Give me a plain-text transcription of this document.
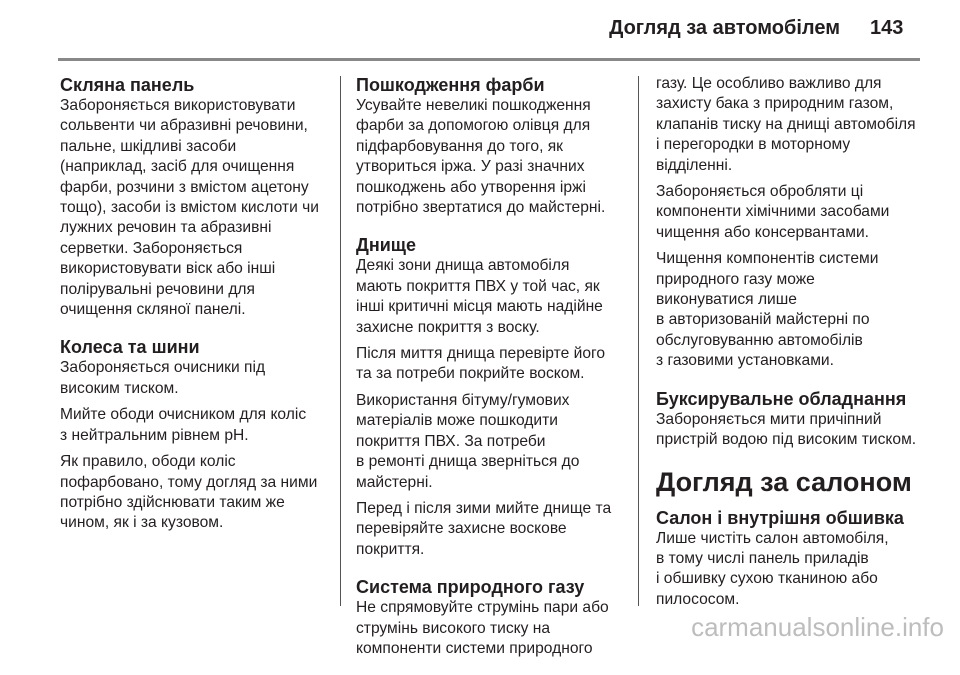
Догляд за автомобілем 143
Скляна панель

Забороняється використовувати
сольвенти чи абразивні речовини,
пальне, шкідливі засоби
(наприклад, засіб для очищення
фарби, розчини з вмістом ацетону
тощо), засоби із вмістом кислоти чи
лужних речовин та абразивні
серветки. Забороняється
використовувати віск або інші
полірувальні речовини для
очищення скляної панелі.

Колеса та шини

Забороняється очисники під
високим тиском.

Мийте ободи очисником для коліс
з нейтральним рівнем pH.

Як правило, ободи коліс
пофарбовано, тому догляд за ними
потрібно здійснювати таким же
чином, як і за кузовом.

Пошкодження фарби

Усувайте невеликі пошкодження
фарби за допомогою олівця для
підфарбовування до того, як
утвориться іржа. У разі значних
пошкоджень або утворення іржі
потрібно звертатися до майстерні.

Днище

Деякі зони днища автомобіля
мають покриття ПВХ у той час, як
інші критичні місця мають надійне
захисне покриття з воску.

Після миття днища перевірте його
та за потреби покрийте воском.

Використання бітуму/гумових
матеріалів може пошкодити
покриття ПВХ. За потреби
в ремонті днища зверніться до
майстерні.

Перед і після зими мийте днище та
перевіряйте захисне воскове
покриття.

Система природного газу

Не спрямовуйте струмінь пари або
струмінь високого тиску на
компоненти системи природного

газу. Це особливо важливо для
захисту бака з природним газом,
клапанів тиску на днищі автомобіля
і перегородки в моторному
відділенні.

Забороняється обробляти ці
компоненти хімічними засобами
чищення або консервантами.

Чищення компонентів системи
природного газу може
виконуватися лише
в авторизованій майстерні по
обслуговуванню автомобілів
з газовими установками.

Буксирувальне обладнання

Забороняється мити причіпний
пристрій водою під високим тиском.

Догляд за салоном
Салон і внутрішня обшивка

Лише чистіть салон автомобіля,
в тому числі панель приладів
і обшивку сухою тканиною або
пилососом.

carmanualsonline.info
